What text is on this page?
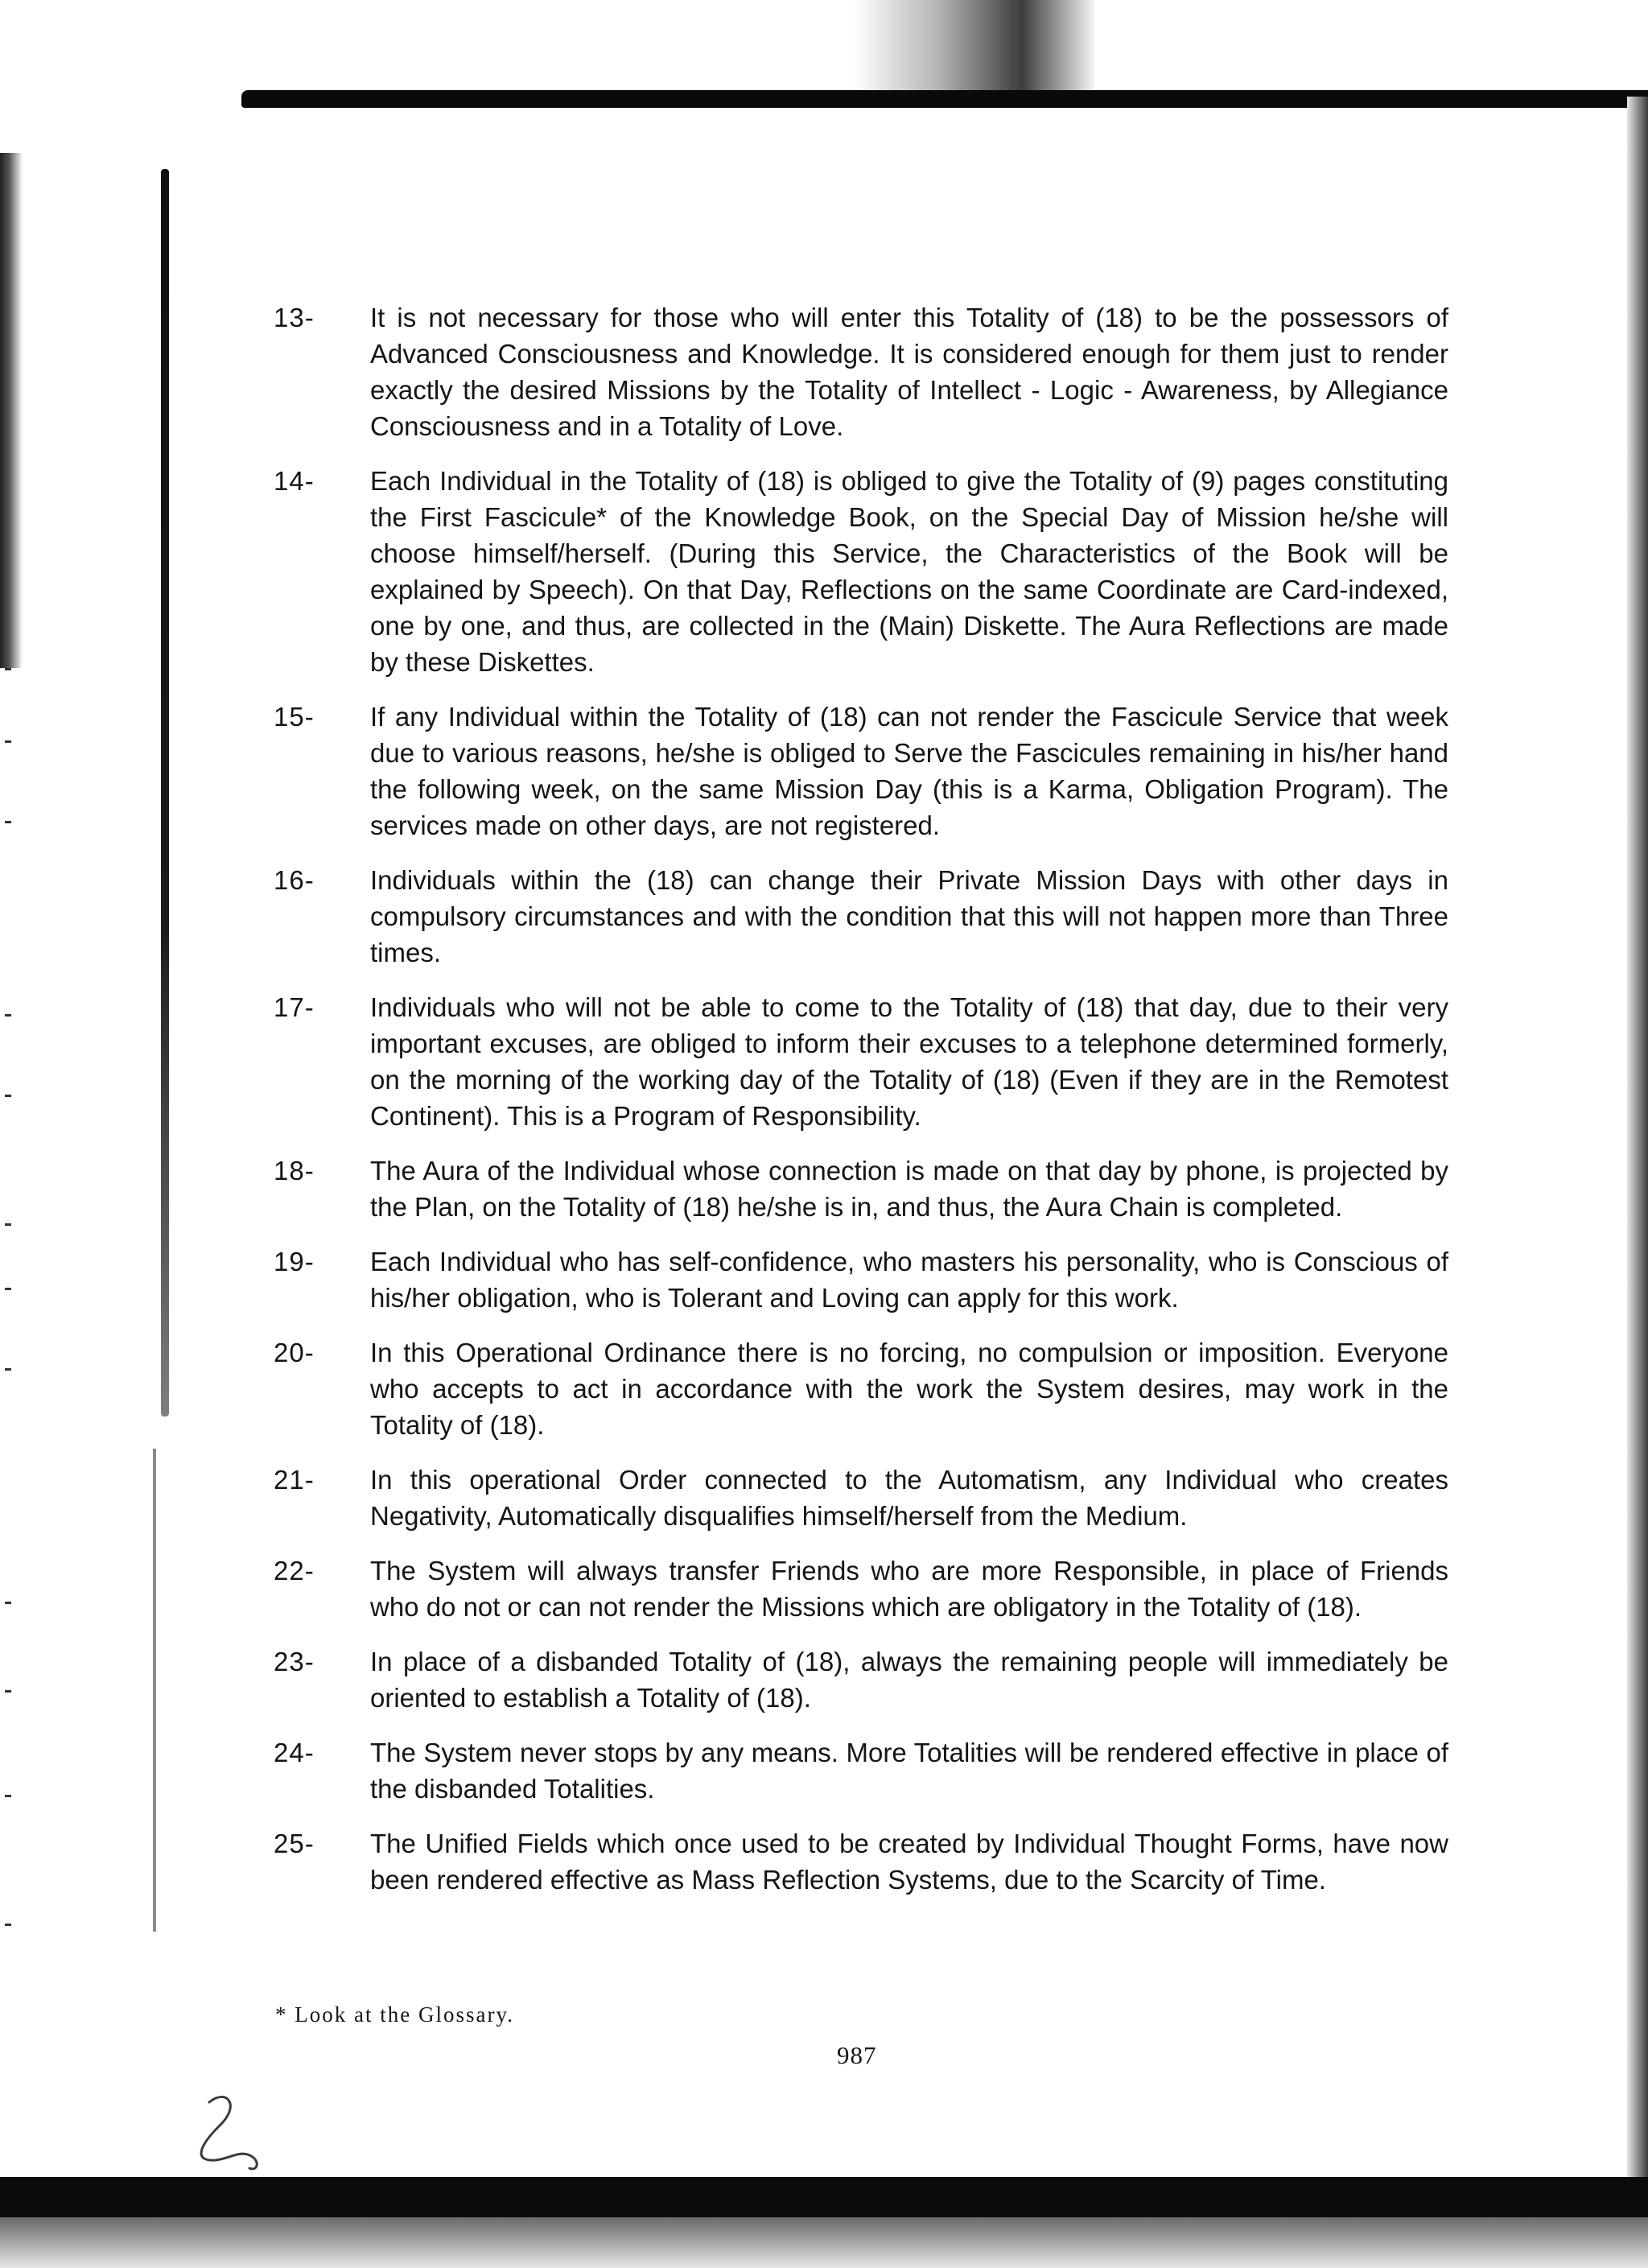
13-	It is not necessary for those who will enter this Totality of (18) to be the possessors of Advanced Consciousness and Knowledge. It is considered enough for them just to render exactly the desired Missions by the Totality of Intellect - Logic - Awareness, by Allegiance Consciousness and in a Totality of Love.
14-	Each Individual in the Totality of (18) is obliged to give the Totality of (9) pages constituting the First Fascicule* of the Knowledge Book, on the Special Day of Mission he/she will choose himself/herself. (During this Service, the Characteristics of the Book will be explained by Speech). On that Day, Reflections on the same Coordinate are Card-indexed, one by one, and thus, are collected in the (Main) Diskette. The Aura Reflections are made by these Diskettes.
15-	If any Individual within the Totality of (18) can not render the Fascicule Service that week due to various reasons, he/she is obliged to Serve the Fascicules remaining in his/her hand the following week, on the same Mission Day (this is a Karma, Obligation Program). The services made on other days, are not registered.
16-	Individuals within the (18) can change their Private Mission Days with other days in compulsory circumstances and with the condition that this will not happen more than Three times.
17-	Individuals who will not be able to come to the Totality of (18) that day, due to their very important excuses, are obliged to inform their excuses to a telephone determined formerly, on the morning of the working day of the Totality of (18) (Even if they are in the Remotest Continent). This is a Program of Responsibility.
18-	The Aura of the Individual whose connection is made on that day by phone, is projected by the Plan, on the Totality of (18) he/she is in, and thus, the Aura Chain is completed.
19-	Each Individual who has self-confidence, who masters his personality, who is Conscious of his/her obligation, who is Tolerant and Loving can apply for this work.
20-	In this Operational Ordinance there is no forcing, no compulsion or imposition. Everyone who accepts to act in accordance with the work the System desires, may work in the Totality of (18).
21-	In this operational Order connected to the Automatism, any Individual who creates Negativity, Automatically disqualifies himself/herself from the Medium.
22-	The System will always transfer Friends who are more Responsible, in place of Friends who do not or can not render the Missions which are obligatory in the Totality of (18).
23-	In place of a disbanded Totality of (18), always the remaining people will immediately be oriented to establish a Totality of (18).
24-	The System never stops by any means. More Totalities will be rendered effective in place of the disbanded Totalities.
25-	The Unified Fields which once used to be created by Individual Thought Forms, have now been rendered effective as Mass Reflection Systems, due to the Scarcity of Time.
* Look at the Glossary.
987
